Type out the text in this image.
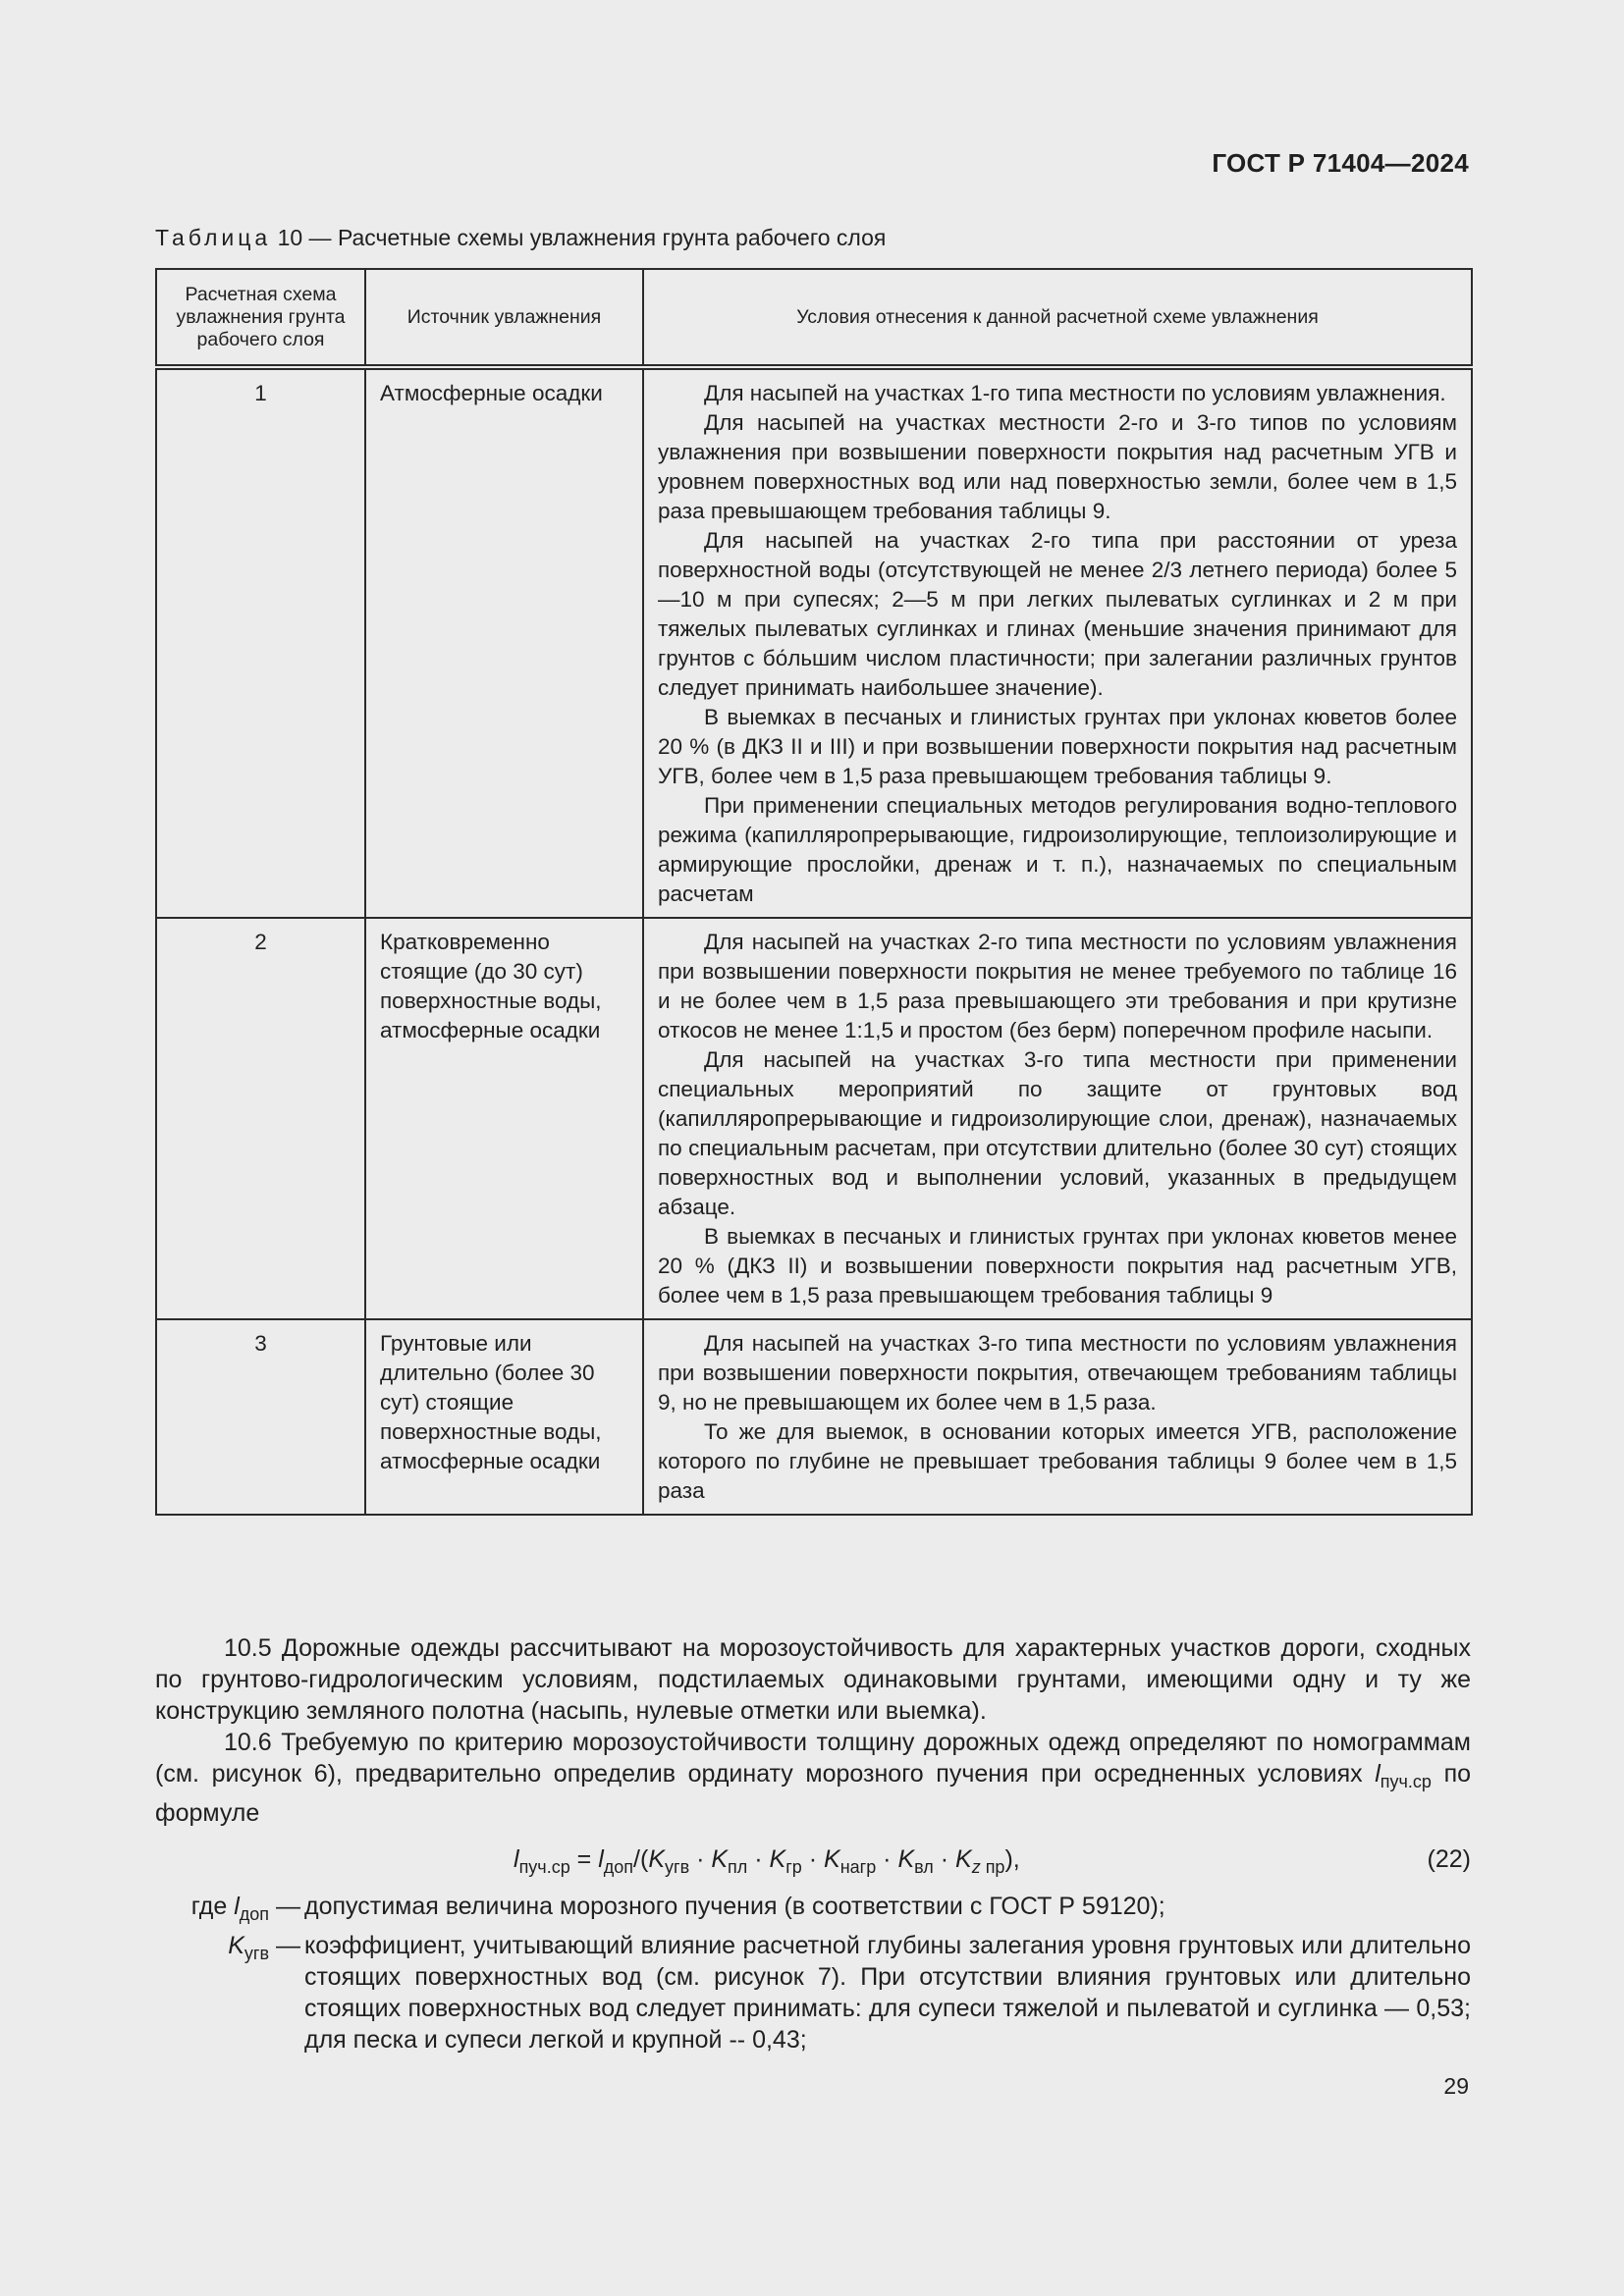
ГОСТ Р 71404—2024
Таблица 10 — Расчетные схемы увлажнения грунта рабочего слоя
Расчетная схема увлажнения грунта рабочего слоя	Источник увлажнения	Условия отнесения к данной расчетной схеме увлажнения
1	Атмосферные осадки	Для насыпей на участках 1-го типа местности по условиям увлажнения.

Для насыпей на участках местности 2-го и 3-го типов по условиям увлажнения при возвышении поверхности покрытия над расчетным УГВ и уровнем поверхностных вод или над поверхностью земли, более чем в 1,5 раза превышающем требования таблицы 9.

Для насыпей на участках 2-го типа при расстоянии от уреза поверхностной воды (отсутствующей не менее 2/3 летнего периода) более 5—10 м при супесях; 2—5 м при легких пылеватых суглинках и 2 м при тяжелых пылеватых суглинках и глинах (меньшие значения принимают для грунтов с бо́льшим числом пластичности; при залегании различных грунтов следует принимать наибольшее значение).

В выемках в песчаных и глинистых грунтах при уклонах кюветов более 20 % (в ДКЗ II и III) и при возвышении поверхности покрытия над расчетным УГВ, более чем в 1,5 раза превышающем требования таблицы 9.

При применении специальных методов регулирования водно-теплового режима (капилляропрерывающие, гидроизолирующие, теплоизолирующие и армирующие прослойки, дренаж и т. п.), назначаемых по специальным расчетам

2	Кратковременно стоящие (до 30 сут) поверхностные воды, атмосферные осадки	Для насыпей на участках 2-го типа местности по условиям увлажнения при возвышении поверхности покрытия не менее требуемого по таблице 16 и не более чем в 1,5 раза превышающего эти требования и при крутизне откосов не менее 1:1,5 и простом (без берм) поперечном профиле насыпи.

Для насыпей на участках 3-го типа местности при применении специальных мероприятий по защите от грунтовых вод (капилляропрерывающие и гидроизолирующие слои, дренаж), назначаемых по специальным расчетам, при отсутствии длительно (более 30 сут) стоящих поверхностных вод и выполнении условий, указанных в предыдущем абзаце.

В выемках в песчаных и глинистых грунтах при уклонах кюветов менее 20 % (ДКЗ II) и возвышении поверхности покрытия над расчетным УГВ, более чем в 1,5 раза превышающем требования таблицы 9

3	Грунтовые или длительно (более 30 сут) стоящие поверхностные воды, атмосферные осадки	Для насыпей на участках 3-го типа местности по условиям увлажнения при возвышении поверхности покрытия, отвечающем требованиям таблицы 9, но не превышающем их более чем в 1,5 раза.

То же для выемок, в основании которых имеется УГВ, расположение которого по глубине не превышает требования таблицы 9 более чем в 1,5 раза

10.5 Дорожные одежды рассчитывают на морозоустойчивость для характерных участков дороги, сходных по грунтово-гидрологическим условиям, подстилаемых одинаковыми грунтами, имеющими одну и ту же конструкцию земляного полотна (насыпь, нулевые отметки или выемка).

10.6 Требуемую по критерию морозоустойчивости толщину дорожных одежд определяют по номограммам (см. рисунок 6), предварительно определив ординату морозного пучения при осредненных условиях $l_{пуч.ср}$ по формуле

$l_{пуч.ср} = l_{доп}/(K_{угв} \cdot K_{пл} \cdot K_{гр} \cdot K_{нагр} \cdot K_{вл} \cdot K_{z пр})$,	(22)
где $l_{доп}$ — допустимая величина морозного пучения (в соответствии с ГОСТ Р 59120);
$K_{угв}$ — коэффициент, учитывающий влияние расчетной глубины залегания уровня грунтовых или длительно стоящих поверхностных вод (см. рисунок 7). При отсутствии влияния грунтовых или длительно стоящих поверхностных вод следует принимать: для супеси тяжелой и пылеватой и суглинка — 0,53; для песка и супеси легкой и крупной -- 0,43;
29
